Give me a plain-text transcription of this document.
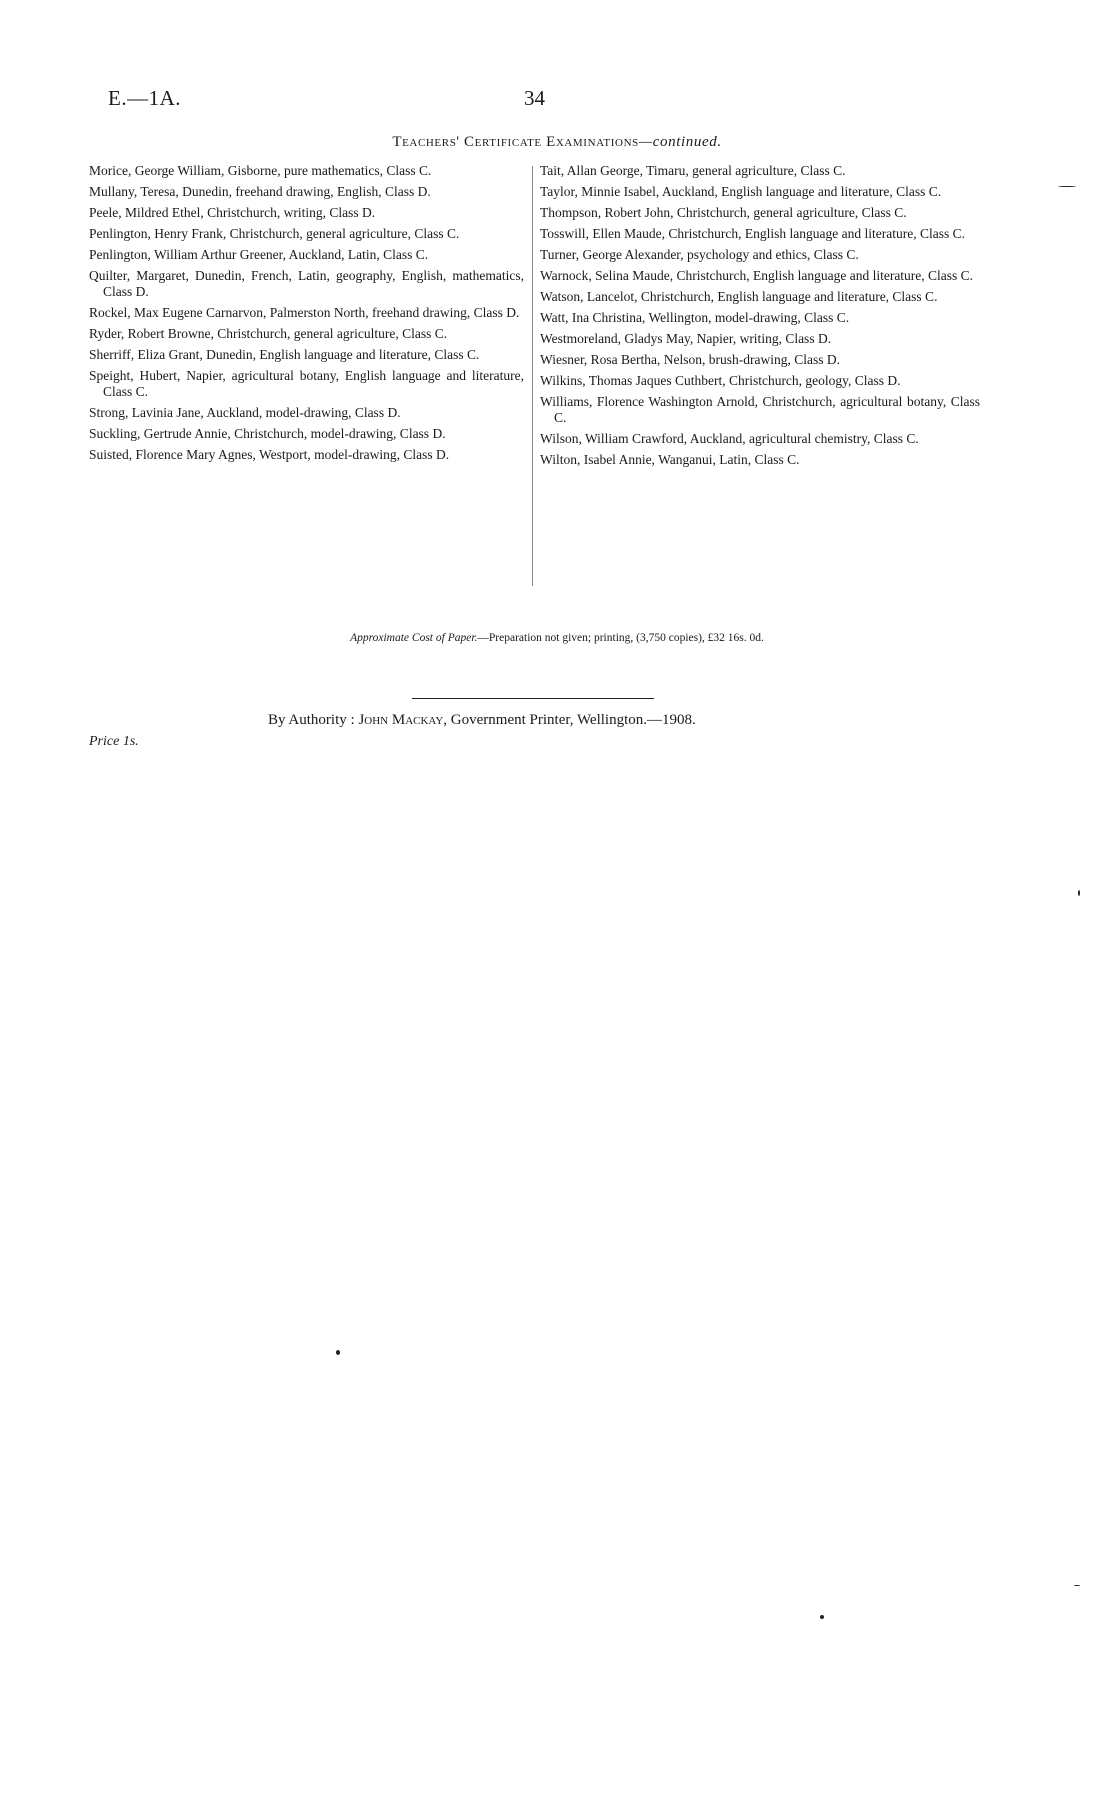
E.—1A.	34
Teachers' Certificate Examinations—continued.

Morice, George William, Gisborne, pure mathematics, Class C.

Mullany, Teresa, Dunedin, freehand drawing, English, Class D.

Peele, Mildred Ethel, Christchurch, writing, Class D.

Penlington, Henry Frank, Christchurch, general agriculture, Class C.

Penlington, William Arthur Greener, Auckland, Latin, Class C.

Quilter, Margaret, Dunedin, French, Latin, geography, English, mathematics, Class D.

Rockel, Max Eugene Carnarvon, Palmerston North, freehand drawing, Class D.

Ryder, Robert Browne, Christchurch, general agriculture, Class C.

Sherriff, Eliza Grant, Dunedin, English language and literature, Class C.

Speight, Hubert, Napier, agricultural botany, English language and literature, Class C.

Strong, Lavinia Jane, Auckland, model-drawing, Class D.

Suckling, Gertrude Annie, Christchurch, model-drawing, Class D.

Suisted, Florence Mary Agnes, Westport, model-drawing, Class D.

Tait, Allan George, Timaru, general agriculture, Class C.

Taylor, Minnie Isabel, Auckland, English language and literature, Class C.

Thompson, Robert John, Christchurch, general agriculture, Class C.

Tosswill, Ellen Maude, Christchurch, English language and literature, Class C.

Turner, George Alexander, psychology and ethics, Class C.

Warnock, Selina Maude, Christchurch, English language and literature, Class C.

Watson, Lancelot, Christchurch, English language and literature, Class C.

Watt, Ina Christina, Wellington, model-drawing, Class C.

Westmoreland, Gladys May, Napier, writing, Class D.

Wiesner, Rosa Bertha, Nelson, brush-drawing, Class D.

Wilkins, Thomas Jaques Cuthbert, Christchurch, geology, Class D.

Williams, Florence Washington Arnold, Christchurch, agricultural botany, Class C.

Wilson, William Crawford, Auckland, agricultural chemistry, Class C.

Wilton, Isabel Annie, Wanganui, Latin, Class C.

Approximate Cost of Paper.—Preparation not given; printing, (3,750 copies), £32 16s. 0d.
By Authority : John Mackay, Government Printer, Wellington.—1908.
Price 1s.
